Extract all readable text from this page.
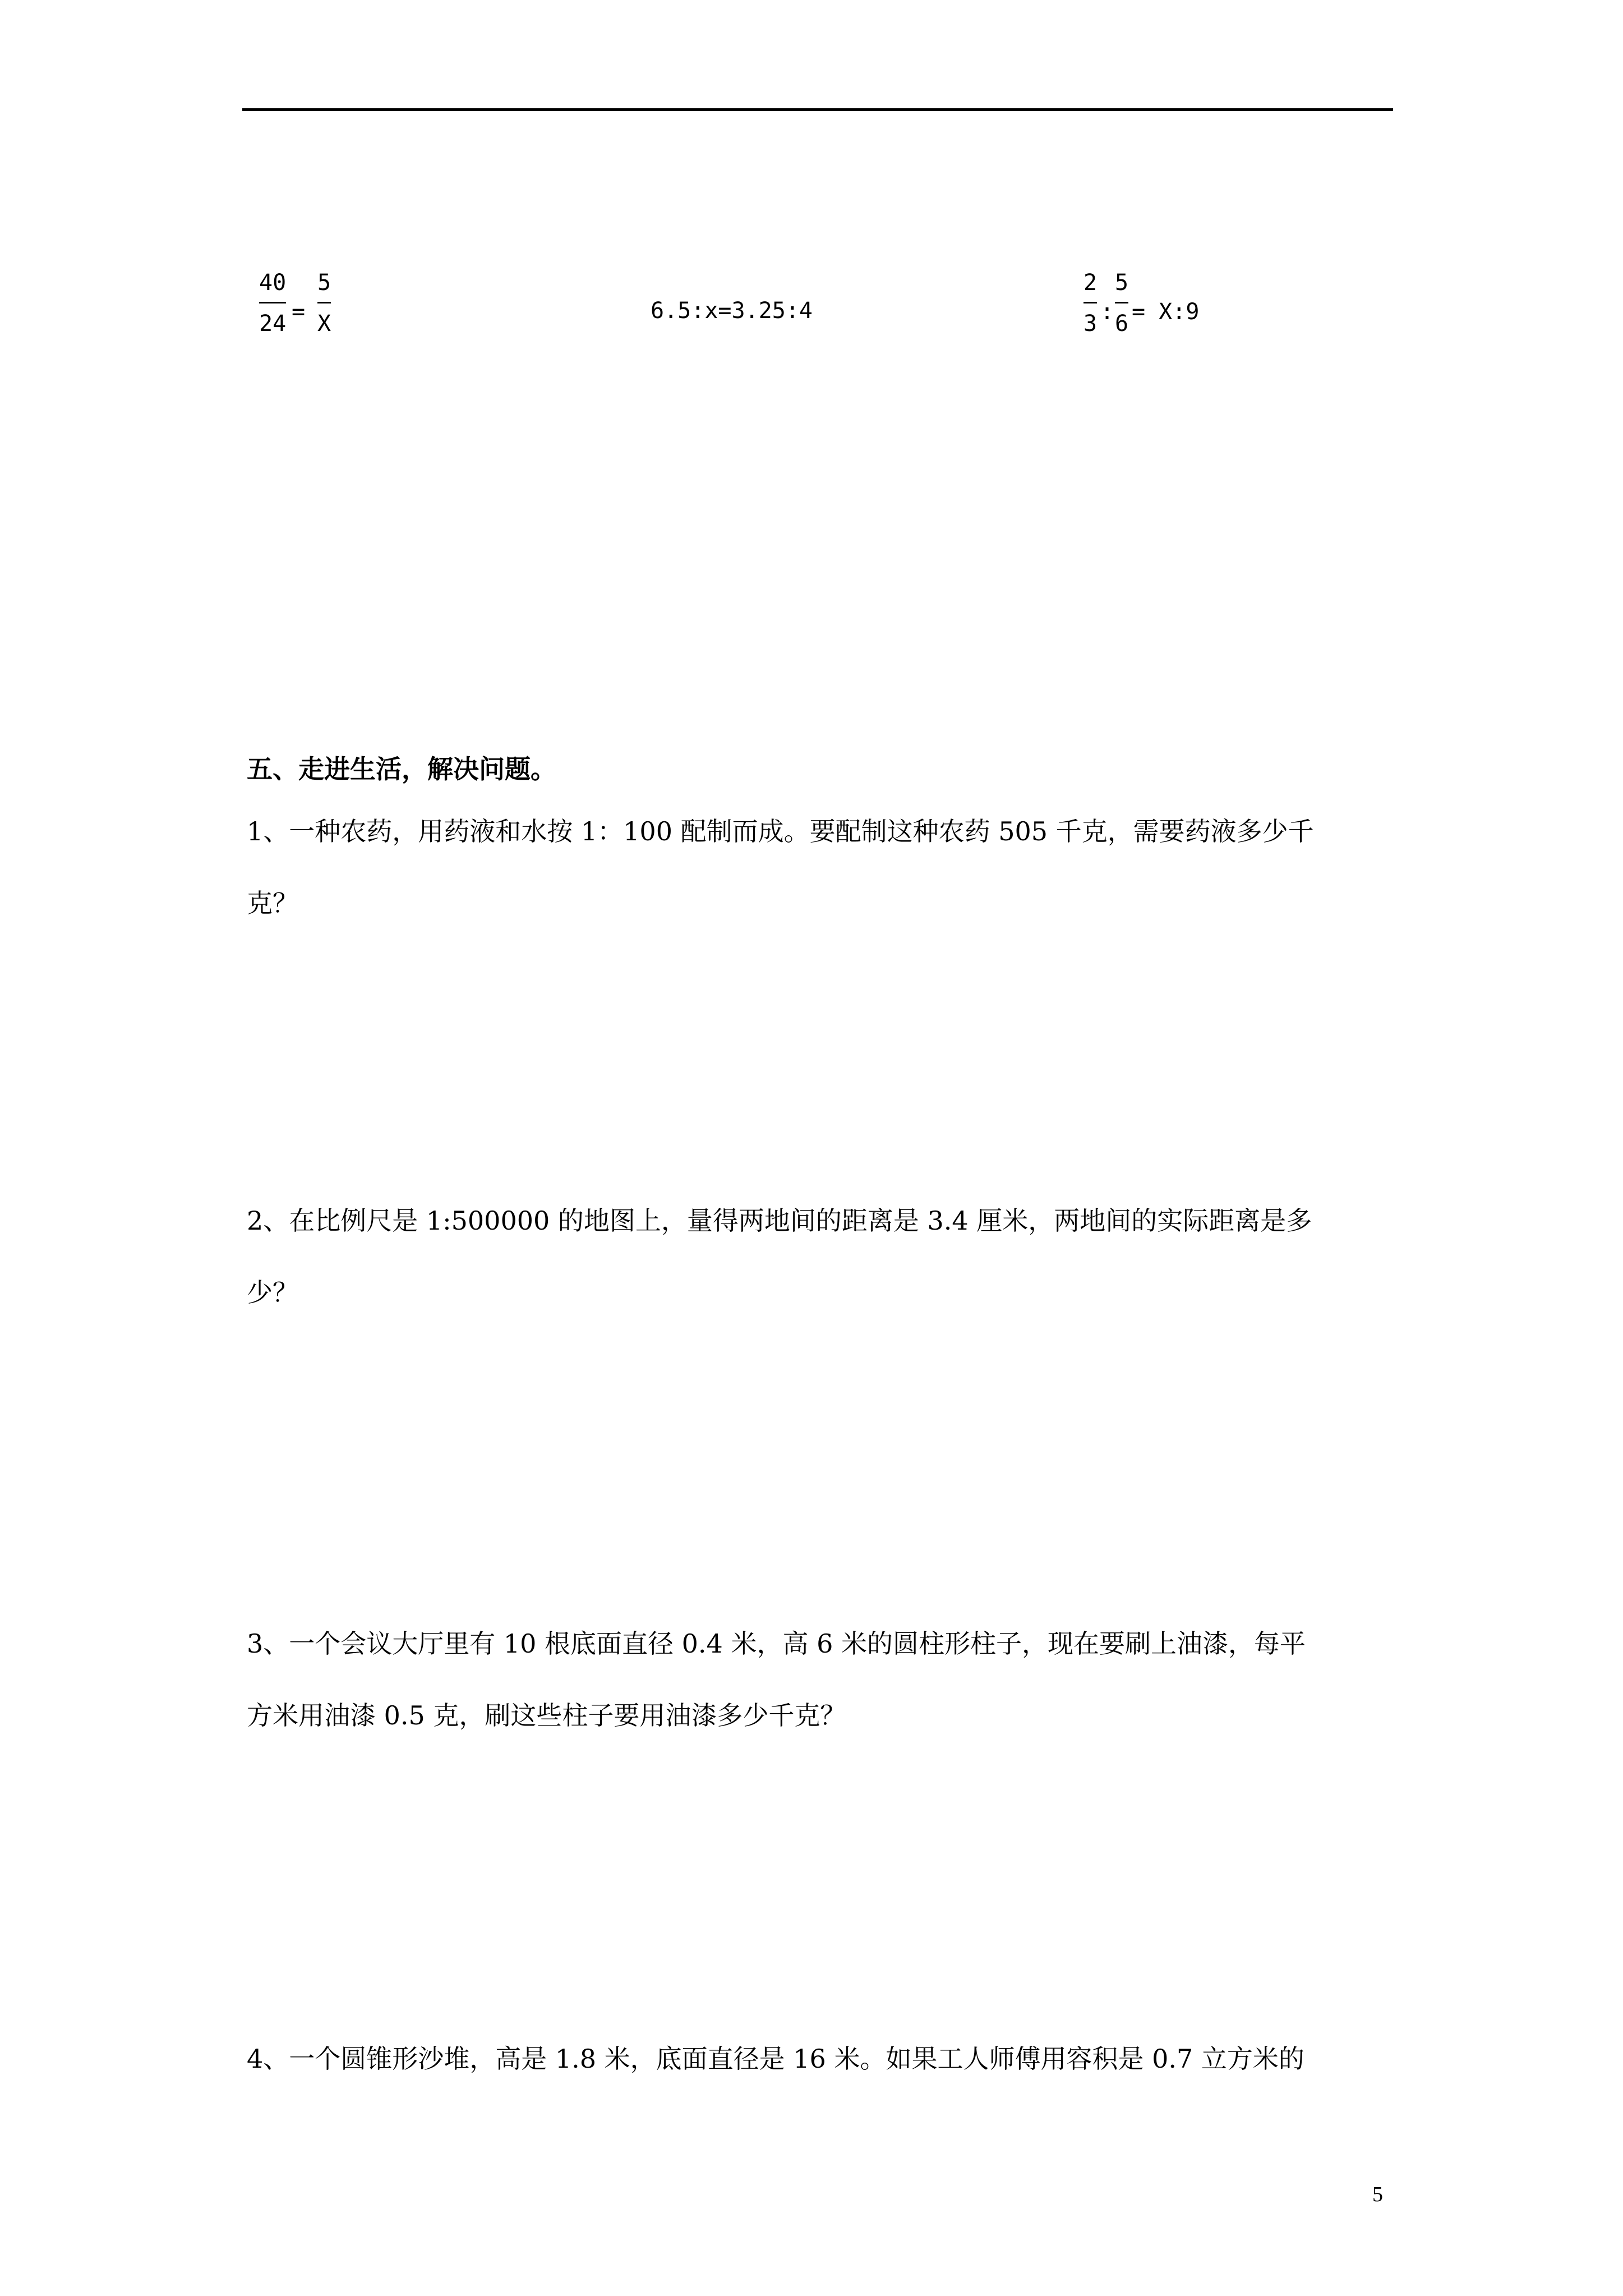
40
24 =
5
X	6.5:x=3.25:4
2
3 :
5
6 = X:9
五、走进生活，解决问题。
1、一种农药，用药液和水按 1：100 配制而成。要配制这种农药 505 千克，需要药液多少千
克？
2、在比例尺是 1:500000 的地图上，量得两地间的距离是 3.4 厘米，两地间的实际距离是多
少？
3、一个会议大厅里有 10 根底面直径 0.4 米，高 6 米的圆柱形柱子，现在要刷上油漆，每平
方米用油漆 0.5 克，刷这些柱子要用油漆多少千克？
4、一个圆锥形沙堆，高是 1.8 米，底面直径是 16 米。如果工人师傅用容积是 0.7 立方米的
5
